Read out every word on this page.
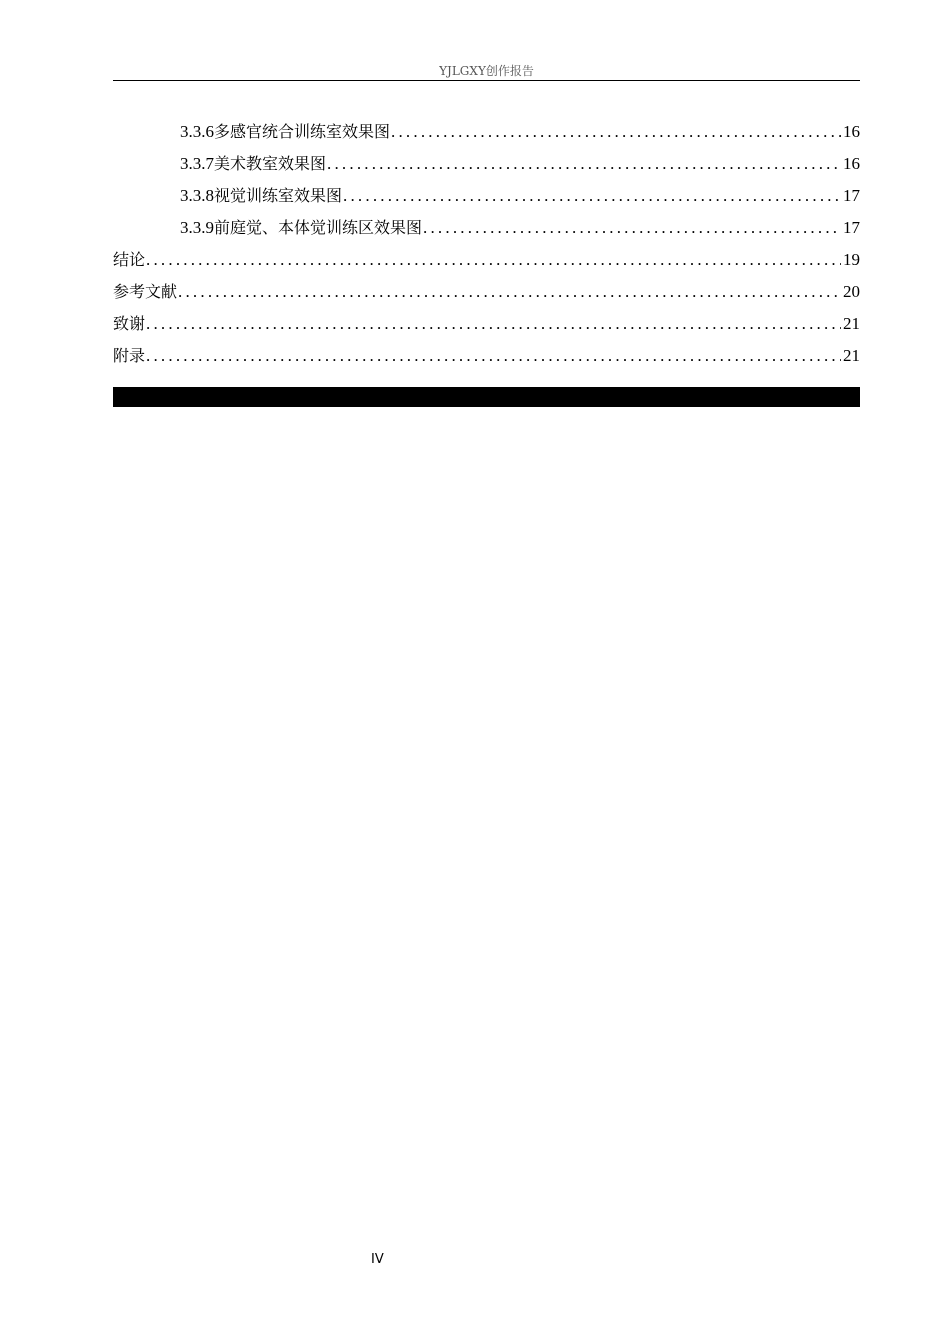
YJLGXY创作报告
3.3.6 多感官统合训练室效果图 .....	16
3.3.7 美术教室效果图 .....	16
3.3.8 视觉训练室效果图 .....	17
3.3.9 前庭觉、本体觉训练区效果图 .....	17
结论 .....	19
参考文献 .....	20
致谢 .....	21
附录 .....	21
IV
